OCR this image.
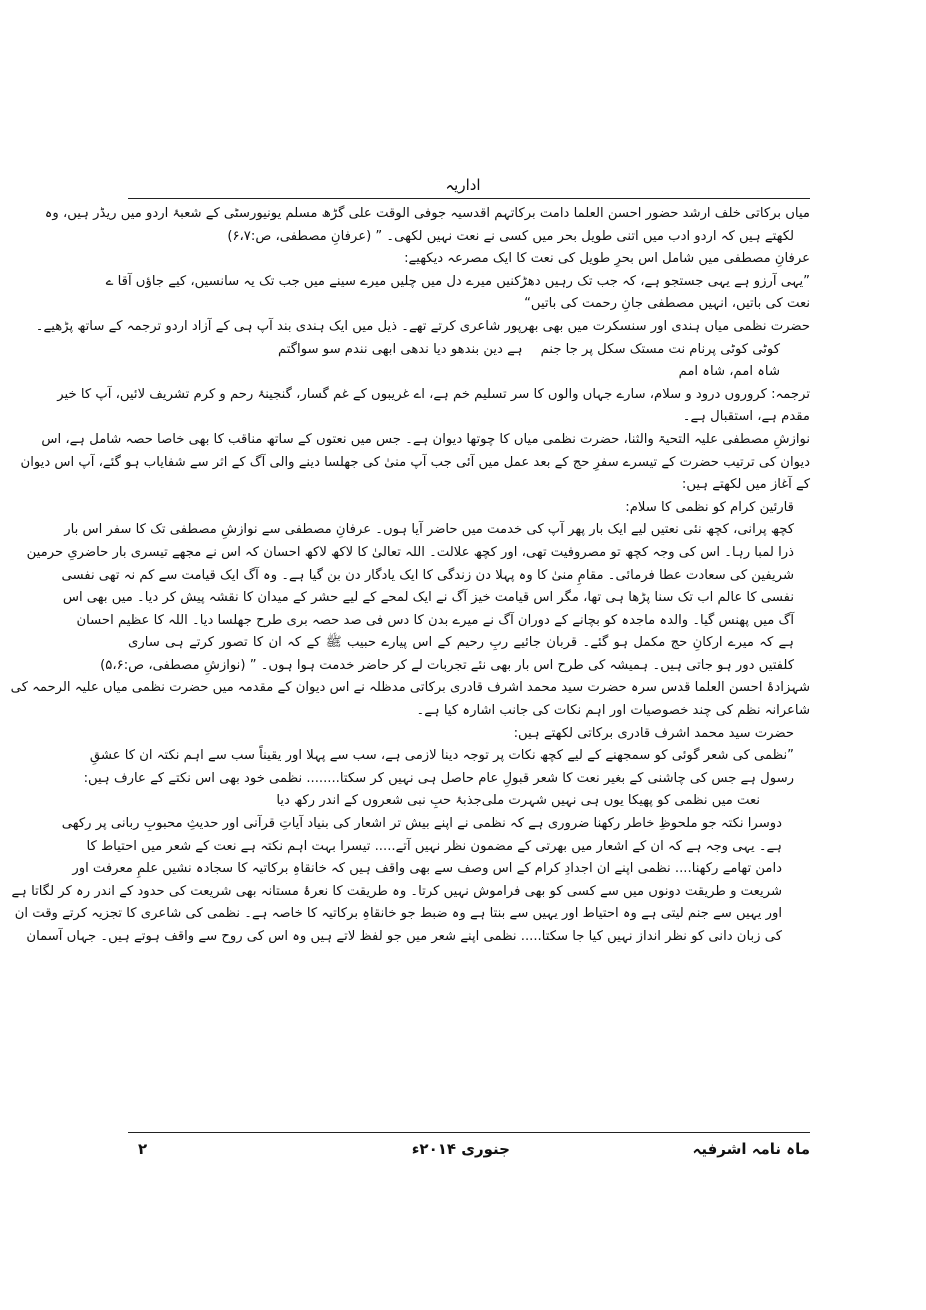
اداریہ
میاں برکاتی خلف ارشد حضور احسن العلما دامت برکاتہم اقدسیہ جوفی الوقت علی گڑھ مسلم یونیورسٹی کے شعبۂ اردو میں ریڈر ہیں، وہ
لکھتے ہیں کہ اردو ادب میں اتنی طویل بحر میں کسی نے نعت نہیں لکھی۔ ” (عرفانِ مصطفی، ص:۶،۷)
عرفانِ مصطفی میں شامل اس بحرِ طویل کی نعت کا ایک مصرعہ دیکھیے:
”یہی آرزو ہے یہی جستجو ہے، کہ جب تک رہیں دھڑکنیں میرے دل میں چلیں میرے سینے میں جب تک یہ سانسیں، کیے جاؤں آقا ے
نعت کی باتیں، انہیں مصطفی جانِ رحمت کی باتیں“
حضرت نظمی میاں ہندی اور سنسکرت میں بھی بھرپور شاعری کرتے تھے۔ ذیل میں ایک ہندی بند آپ ہی کے آزاد اردو ترجمہ کے ساتھ پڑھیے۔
کوٹی کوٹی پرنام نت مستک سکل پر جا جنم
ہے دین بندھو دیا ندھی ابھی نندم سو سواگتم
شاہ امم، شاہ امم
ترجمہ: کروروں درود و سلام، سارے جہاں والوں کا سر تسلیم خم ہے، اے غریبوں کے غم گسار، گنجینۂ رحم و کرم تشریف لائیں، آپ کا خیر
مقدم ہے، استقبال ہے۔
نوازشِ مصطفی علیہ التحیۃ والثنا، حضرت نظمی میاں کا چوتھا دیوان ہے۔ جس میں نعتوں کے ساتھ مناقب کا بھی خاصا حصہ شامل ہے، اس
دیوان کی ترتیب حضرت کے تیسرے سفرِ حج کے بعد عمل میں آئی جب آپ منیٰ کی جھلسا دینے والی آگ کے اثر سے شفایاب ہو گئے، آپ اس دیوان
کے آغاز میں لکھتے ہیں:
قارئین کرام کو نظمی کا سلام:
کچھ پرانی، کچھ نئی نعتیں لیے ایک بار پھر آپ کی خدمت میں حاضر آیا ہوں۔ عرفانِ مصطفی سے نوازشِ مصطفی تک کا سفر اس بار
ذرا لمبا رہا۔ اس کی وجہ کچھ تو مصروفیت تھی، اور کچھ علالت۔ اللہ تعالیٰ کا لاکھ لاکھ احسان کہ اس نے مجھے تیسری بار حاضریِ حرمین
شریفین کی سعادت عطا فرمائی۔ مقامِ منیٰ کا وہ پہلا دن زندگی کا ایک یادگار دن بن گیا ہے۔ وہ آگ ایک قیامت سے کم نہ تھی نفسی
نفسی کا عالم اب تک سنا پڑھا ہی تھا، مگر اس قیامت خیز آگ نے ایک لمحے کے لیے حشر کے میدان کا نقشہ پیش کر دیا۔ میں بھی اس
آگ میں پھنس گیا۔ والدہ ماجدہ کو بچانے کے دوران آگ نے میرے بدن کا دس فی صد حصہ بری طرح جھلسا دیا۔ اللہ کا عظیم احسان
ہے کہ میرے ارکانِ حج مکمل ہو گئے۔ قربان جائیے ربِ رحیم کے اس پیارے حبیب ﷺ کے کہ ان کا تصور کرتے ہی ساری
کلفتیں دور ہو جاتی ہیں۔ ہمیشہ کی طرح اس بار بھی نئے تجربات لے کر حاضر خدمت ہوا ہوں۔ ” (نوازشِ مصطفی، ص:۵،۶)
شہزادۂ احسن العلما قدس سرہ حضرت سید محمد اشرف قادری برکاتی مدظلہ نے اس دیوان کے مقدمہ میں حضرت نظمی میاں علیہ الرحمہ کی
شاعرانہ نظم کی چند خصوصیات اور اہم نکات کی جانب اشارہ کیا ہے۔
حضرت سید محمد اشرف قادری برکاتی لکھتے ہیں:
”نظمی کی شعر گوئی کو سمجھنے کے لیے کچھ نکات پر توجہ دینا لازمی ہے، سب سے پہلا اور یقیناً سب سے اہم نکتہ ان کا عشقِ
رسول ہے جس کی چاشنی کے بغیر نعت کا شعر قبولِ عام حاصل ہی نہیں کر سکتا........ نظمی خود بھی اس نکتے کے عارف ہیں:
نعت میں نظمی کو پھیکا یوں ہی نہیں شہرت ملی
جذبۂ حبِ نبی شعروں کے اندر رکھ دیا
دوسرا نکتہ جو ملحوظِ خاطر رکھنا ضروری ہے کہ نظمی نے اپنے بیش تر اشعار کی بنیاد آیاتِ قرآنی اور حدیثِ محبوبِ ربانی پر رکھی
ہے۔ یہی وجہ ہے کہ ان کے اشعار میں بھرتی کے مضمون نظر نہیں آتے..... تیسرا بہت اہم نکتہ ہے نعت کے شعر میں احتیاط کا
دامن تھامے رکھنا.... نظمی اپنے ان اجدادِ کرام کے اس وصف سے بھی واقف ہیں کہ خانقاہِ برکاتیہ کا سجادہ نشیں علمِ معرفت اور
شریعت و طریقت دونوں میں سے کسی کو بھی فراموش نہیں کرتا۔ وہ طریقت کا نعرۂ مستانہ بھی شریعت کی حدود کے اندر رہ کر لگاتا ہے
اور یہیں سے جنم لیتی ہے وہ احتیاط اور یہیں سے بنتا ہے وہ ضبط جو خانقاہِ برکاتیہ کا خاصہ ہے۔ نظمی کی شاعری کا تجزیہ کرتے وقت ان
کی زبان دانی کو نظر انداز نہیں کیا جا سکتا..... نظمی اپنے شعر میں جو لفظ لاتے ہیں وہ اس کی روح سے واقف ہوتے ہیں۔ جہاں آسمان
ماہ نامہ اشرفیہ
جنوری ۲۰۱۴ء
۲
